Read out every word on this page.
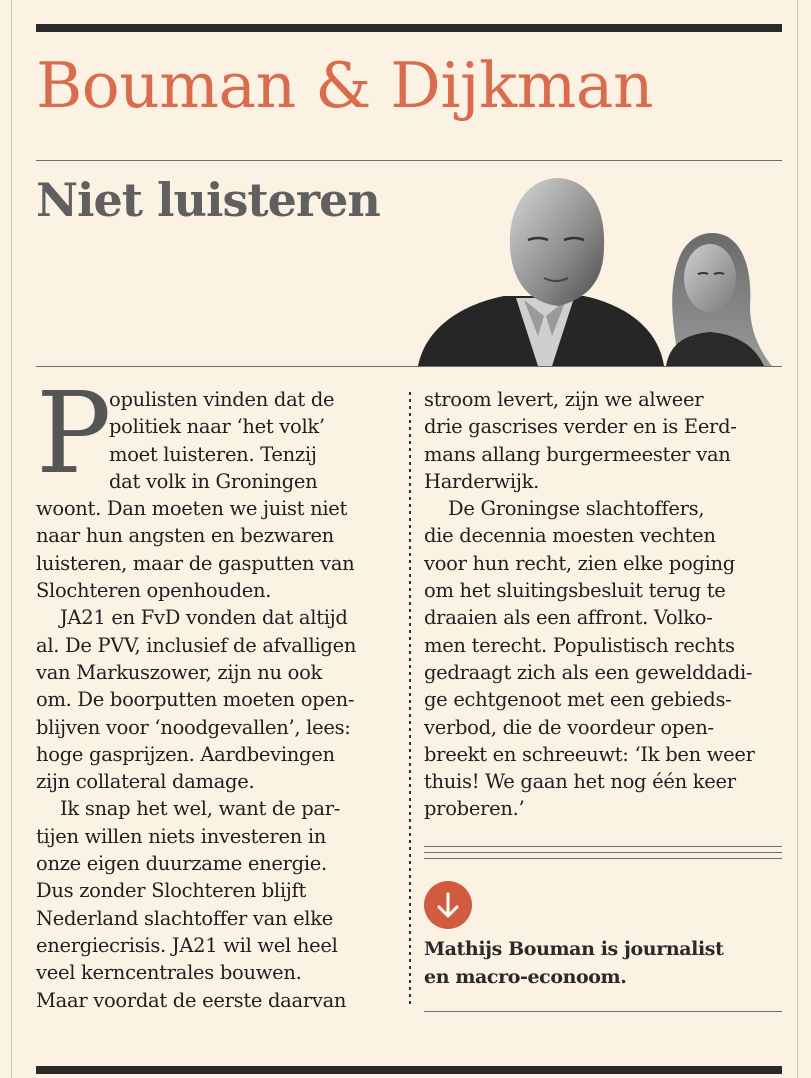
Bouman & Dijkman
Niet luisteren
P

opulisten vinden dat de

politiek naar ‘het volk’

moet luisteren. Tenzij

dat volk in Groningen

woont. Dan moeten we juist niet

naar hun angsten en bezwaren

luisteren, maar de gasputten van

Slochteren openhouden.

JA21 en FvD vonden dat altijd

al. De PVV, inclusief de afvalligen

van Markuszower, zijn nu ook

om. De boorputten moeten open-

blijven voor ‘noodgevallen’, lees:

hoge gasprijzen. Aardbevingen

zijn collateral damage.

Ik snap het wel, want de par-

tijen willen niets investeren in

onze eigen duurzame energie.

Dus zonder Slochteren blijft

Nederland slachtoffer van elke

energiecrisis. JA21 wil wel heel

veel kerncentrales bouwen.

Maar voordat de eerste daarvan

stroom levert, zijn we alweer

drie gascrises verder en is Eerd-

mans allang burgermeester van

Harderwijk.

De Groningse slachtoffers,

die decennia moesten vechten

voor hun recht, zien elke poging

om het sluitingsbesluit terug te

draaien als een affront. Volko-

men terecht. Populistisch rechts

gedraagt zich als een gewelddadi-

ge echtgenoot met een gebieds-

verbod, die de voordeur open-

breekt en schreeuwt: ‘Ik ben weer

thuis! We gaan het nog één keer

proberen.’

Mathijs Bouman is journalist
en macro-econoom.
